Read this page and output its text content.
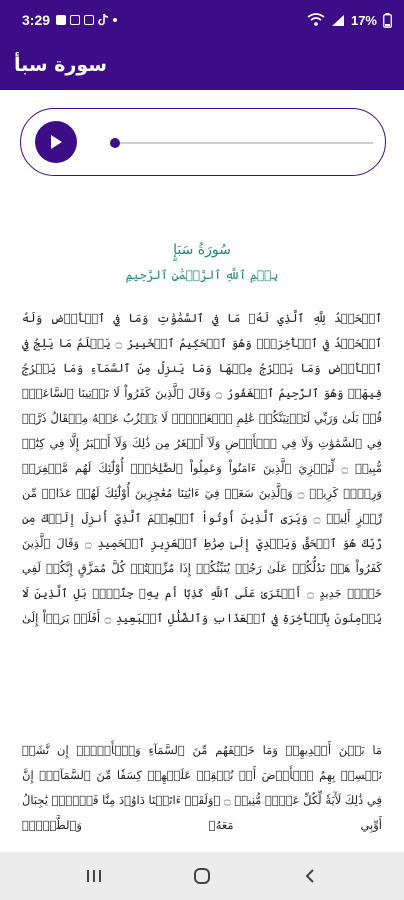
3:29	17%
سورة سبأ
سُورَةُ سَبَإٍ
بِسۡمِ ٱللَّهِ ٱلرَّحۡمَٰنِ ٱلرَّحِيمِ
ٱلۡحَمۡدُ لِلَّهِ ٱلَّذِي لَهُۥ مَا فِي ٱلسَّمَٰوَٰتِ وَمَا فِي ٱلۡأَرۡضِ وَلَهُ ٱلۡحَمۡدُ فِي ٱلۡأٓخِرَةِۚ وَهُوَ ٱلۡحَكِيمُ ٱلۡخَبِيرُ ۝ يَعۡلَمُ مَا يَلِجُ فِي ٱلۡأَرۡضِ وَمَا يَخۡرُجُ مِنۡهَا وَمَا يَنزِلُ مِنَ ٱلسَّمَآءِ وَمَا يَعۡرُجُ فِيهَاۚ وَهُوَ ٱلرَّحِيمُ ٱلۡغَفُورُ ۝ وَقَالَ ٱلَّذِينَ كَفَرُواْ لَا تَأۡتِينَا ٱلسَّاعَةُۖ قُلۡ بَلَىٰ وَرَبِّي لَتَأۡتِيَنَّكُمۡ عَٰلِمِ ٱلۡغَيۡبِۖ لَا يَعۡزُبُ عَنۡهُ مِثۡقَالُ ذَرَّةٖ فِي ٱلسَّمَٰوَٰتِ وَلَا فِي ٱلۡأَرۡضِ وَلَآ أَصۡغَرُ مِن ذَٰلِكَ وَلَآ أَكۡبَرُ إِلَّا فِي كِتَٰبٖ مُّبِينٖ ۝ لِّيَجۡزِيَ ٱلَّذِينَ ءَامَنُواْ وَعَمِلُواْ ٱلصَّٰلِحَٰتِۚ أُوْلَٰٓئِكَ لَهُم مَّغۡفِرَةٞ وَرِزۡقٞ كَرِيمٞ ۝ وَٱلَّذِينَ سَعَوۡ فِيٓ ءَايَٰتِنَا مُعَٰجِزِينَ أُوْلَٰٓئِكَ لَهُمۡ عَذَابٞ مِّن رِّجۡزٍ أَلِيمٞ ۝ وَيَرَى ٱلَّذِينَ أُوتُواْ ٱلۡعِلۡمَ ٱلَّذِيٓ أُنزِلَ إِلَيۡكَ مِن رَّبِّكَ هُوَ ٱلۡحَقَّ وَيَهۡدِيٓ إِلَىٰ صِرَٰطِ ٱلۡعَزِيزِ ٱلۡحَمِيدِ ۝ وَقَالَ ٱلَّذِينَ كَفَرُواْ هَلۡ نَدُلُّكُمۡ عَلَىٰ رَجُلٖ يُنَبِّئُكُمۡ إِذَا مُزِّقۡتُمۡ كُلَّ مُمَزَّقٍ إِنَّكُمۡ لَفِي خَلۡقٖ جَدِيدٍ ۝ أَفۡتَرَىٰ عَلَى ٱللَّهِ كَذِبًا أَم بِهِۦ جِنَّةُۢۗ بَلِ ٱلَّذِينَ لَا يُؤۡمِنُونَ بِٱلۡأٓخِرَةِ فِي ٱلۡعَذَابِ وَٱلضَّلَٰلِ ٱلۡبَعِيدِ ۝ أَفَلَمۡ يَرَوۡاْ إِلَىٰ
مَا بَيۡنَ أَيۡدِيهِمۡ وَمَا خَلۡفَهُم مِّنَ ٱلسَّمَآءِ وَٱلۡأَرۡضِۚ إِن نَّشَأۡ نَخۡسِفۡ بِهِمُ ٱلۡأَرۡضَ أَوۡ نُسۡقِطۡ عَلَيۡهِمۡ كِسَفٗا مِّنَ ٱلسَّمَآءِۚ إِنَّ فِي ذَٰلِكَ لَأٓيَةٗ لِّكُلِّ عَبۡدٖ مُّنِيبٖ ۝ ۞وَلَقَدۡ ءَاتَيۡنَا دَاوُۥدَ مِنَّا فَضۡلٗاۖ يَٰجِبَالُ أَوِّبِي مَعَهُۥ وَٱلطَّيۡرَۖ
